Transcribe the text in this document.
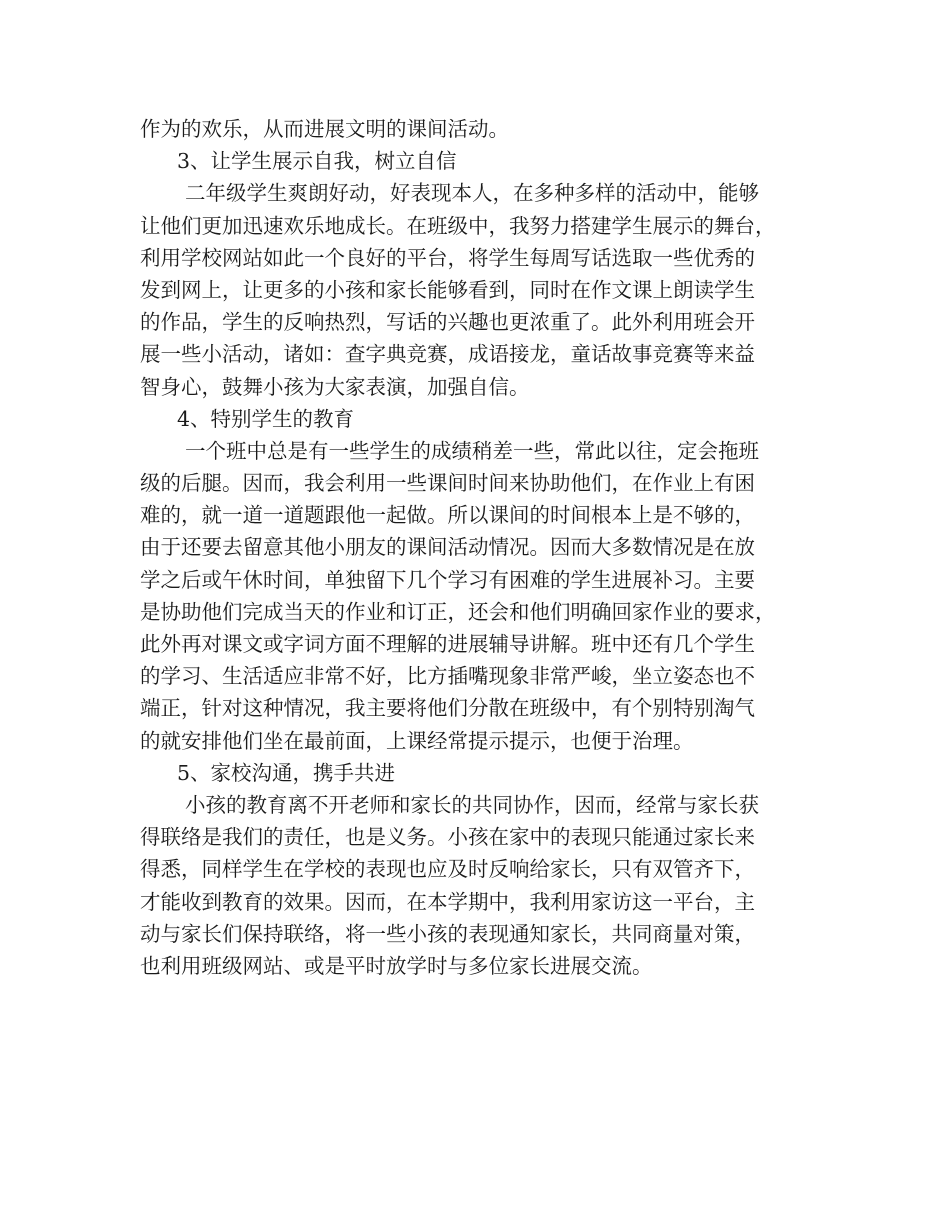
作为的欢乐，从而进展文明的课间活动。
3、让学生展示自我，树立自信
二年级学生爽朗好动，好表现本人，在多种多样的活动中，能够
让他们更加迅速欢乐地成长。在班级中，我努力搭建学生展示的舞台，
利用学校网站如此一个良好的平台，将学生每周写话选取一些优秀的
发到网上，让更多的小孩和家长能够看到，同时在作文课上朗读学生
的作品，学生的反响热烈，写话的兴趣也更浓重了。此外利用班会开
展一些小活动，诸如：查字典竞赛，成语接龙，童话故事竞赛等来益
智身心，鼓舞小孩为大家表演，加强自信。
4、特别学生的教育
一个班中总是有一些学生的成绩稍差一些，常此以往，定会拖班
级的后腿。因而，我会利用一些课间时间来协助他们，在作业上有困
难的，就一道一道题跟他一起做。所以课间的时间根本上是不够的，
由于还要去留意其他小朋友的课间活动情况。因而大多数情况是在放
学之后或午休时间，单独留下几个学习有困难的学生进展补习。主要
是协助他们完成当天的作业和订正，还会和他们明确回家作业的要求，
此外再对课文或字词方面不理解的进展辅导讲解。班中还有几个学生
的学习、生活适应非常不好，比方插嘴现象非常严峻，坐立姿态也不
端正，针对这种情况，我主要将他们分散在班级中，有个别特别淘气
的就安排他们坐在最前面，上课经常提示提示，也便于治理。
5、家校沟通，携手共进
小孩的教育离不开老师和家长的共同协作，因而，经常与家长获
得联络是我们的责任，也是义务。小孩在家中的表现只能通过家长来
得悉，同样学生在学校的表现也应及时反响给家长，只有双管齐下，
才能收到教育的效果。因而，在本学期中，我利用家访这一平台，主
动与家长们保持联络，将一些小孩的表现通知家长，共同商量对策，
也利用班级网站、或是平时放学时与多位家长进展交流。
